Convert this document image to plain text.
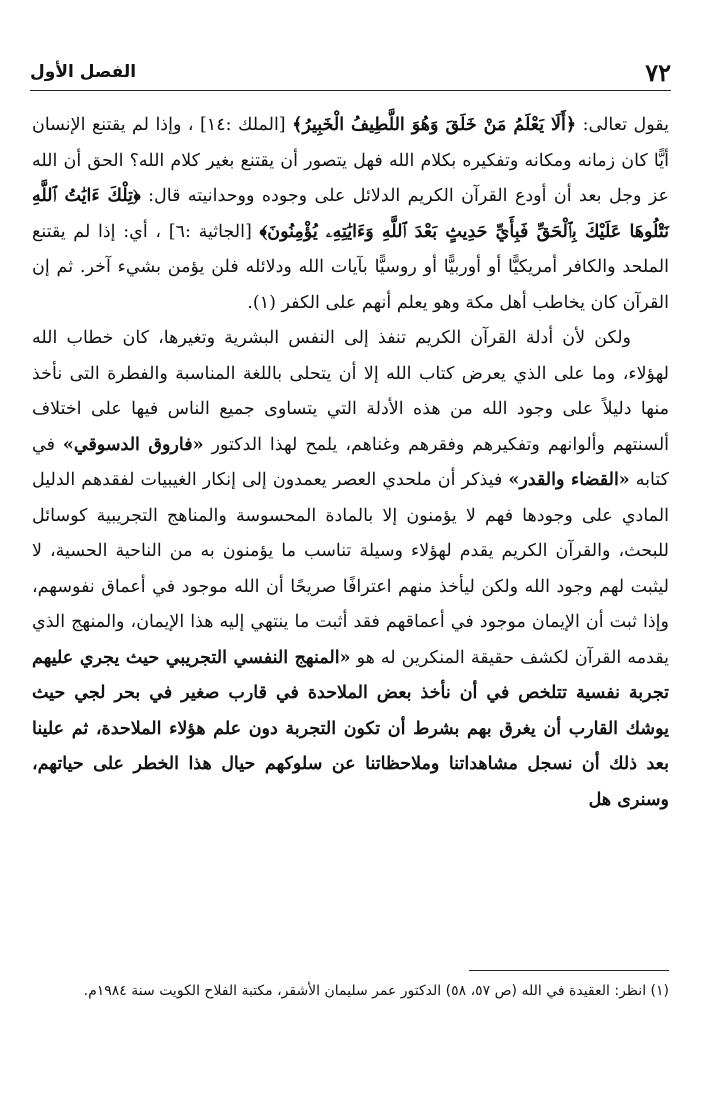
٧٢
الفصل الأول

يقول تعالى: ﴿أَلَا يَعْلَمُ مَنْ خَلَقَ وَهُوَ اللَّطِيفُ الْخَبِيرُ﴾ [الملك :١٤] ، وإذا لم يقتنع الإنسان أيًّا كان زمانه ومكانه وتفكيره بكلام الله فهل يتصور أن يقتنع بغير كلام الله؟ الحق أن الله عز وجل بعد أن أودع القرآن الكريم الدلائل على وجوده ووحدانيته قال: ﴿تِلْكَ ءَايَٰتُ ٱللَّهِ نَتْلُوهَا عَلَيْكَ بِٱلْحَقِّ فَبِأَيِّ حَدِيثٍ بَعْدَ ٱللَّهِ وَءَايَٰتِهِۦ يُؤْمِنُونَ﴾ [الجاثية :٦] ، أي: إذا لم يقتنع الملحد والكافر أمريكيًّا أو أوربيًّا أو روسيًّا بآيات الله ودلائله فلن يؤمن بشيء آخر. ثم إن القرآن كان يخاطب أهل مكة وهو يعلم أنهم على الكفر (١).

ولكن لأن أدلة القرآن الكريم تنفذ إلى النفس البشرية وتغيرها، كان خطاب الله لهؤلاء، وما على الذي يعرض كتاب الله إلا أن يتحلى باللغة المناسبة والفطرة التى نأخذ منها دليلاً على وجود الله من هذه الأدلة التي يتساوى جميع الناس فيها على اختلاف ألسنتهم وألوانهم وتفكيرهم وفقرهم وغناهم، يلمح لهذا الدكتور «فاروق الدسوقي» في كتابه «القضاء والقدر» فيذكر أن ملحدي العصر يعمدون إلى إنكار الغيبيات لفقدهم الدليل المادي على وجودها فهم لا يؤمنون إلا بالمادة المحسوسة والمناهج التجريبية كوسائل للبحث، والقرآن الكريم يقدم لهؤلاء وسيلة تناسب ما يؤمنون به من الناحية الحسية، لا ليثبت لهم وجود الله ولكن ليأخذ منهم اعترافًا صريحًا أن الله موجود في أعماق نفوسهم، وإذا ثبت أن الإيمان موجود في أعماقهم فقد أثبت ما ينتهي إليه هذا الإيمان، والمنهج الذي يقدمه القرآن لكشف حقيقة المنكرين له هو «المنهج النفسي التجريبي حيث يجري عليهم تجربة نفسية تتلخص في أن نأخذ بعض الملاحدة في قارب صغير في بحر لجي حيث يوشك القارب أن يغرق بهم بشرط أن تكون التجربة دون علم هؤلاء الملاحدة، ثم علينا بعد ذلك أن نسجل مشاهداتنا وملاحظاتنا عن سلوكهم حيال هذا الخطر على حياتهم، وسنرى هل

(١) انظر: العقيدة في الله (ص ٥٧، ٥٨) الدكتور عمر سليمان الأشقر، مكتبة الفلاح الكويت سنة ١٩٨٤م.
